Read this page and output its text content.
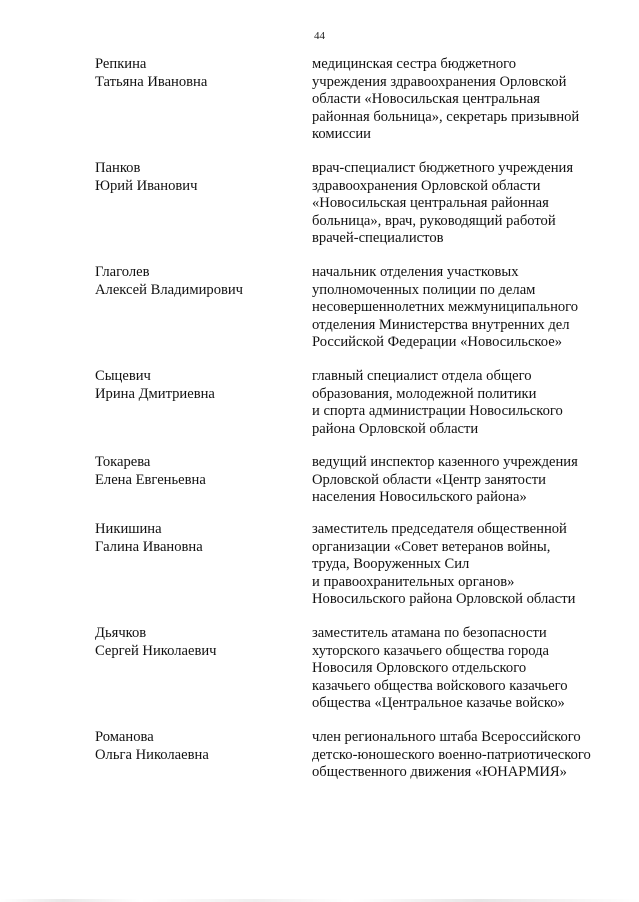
44
Репкина
Татьяна Ивановна
медицинская сестра бюджетного
учреждения здравоохранения Орловской
области «Новосильская центральная
районная больница», секретарь призывной
комиссии
Панков
Юрий Иванович
врач-специалист бюджетного учреждения
здравоохранения Орловской области
«Новосильская центральная районная
больница», врач, руководящий работой
врачей-специалистов
Глаголев
Алексей Владимирович
начальник отделения участковых
уполномоченных полиции по делам
несовершеннолетних межмуниципального
отделения Министерства внутренних дел
Российской Федерации «Новосильское»
Сыцевич
Ирина Дмитриевна
главный специалист отдела общего
образования, молодежной политики
и спорта администрации Новосильского
района Орловской области
Токарева
Елена Евгеньевна
ведущий инспектор казенного учреждения
Орловской области «Центр занятости
населения Новосильского района»
Никишина
Галина Ивановна
заместитель председателя общественной
организации «Совет ветеранов войны,
труда, Вооруженных Сил
и правоохранительных органов»
Новосильского района Орловской области
Дьячков
Сергей Николаевич
заместитель атамана по безопасности
хуторского казачьего общества города
Новосиля Орловского отдельского
казачьего общества войскового казачьего
общества «Центральное казачье войско»
Романова
Ольга Николаевна
член регионального штаба Всероссийского
детско-юношеского военно-патриотического
общественного движения «ЮНАРМИЯ»
